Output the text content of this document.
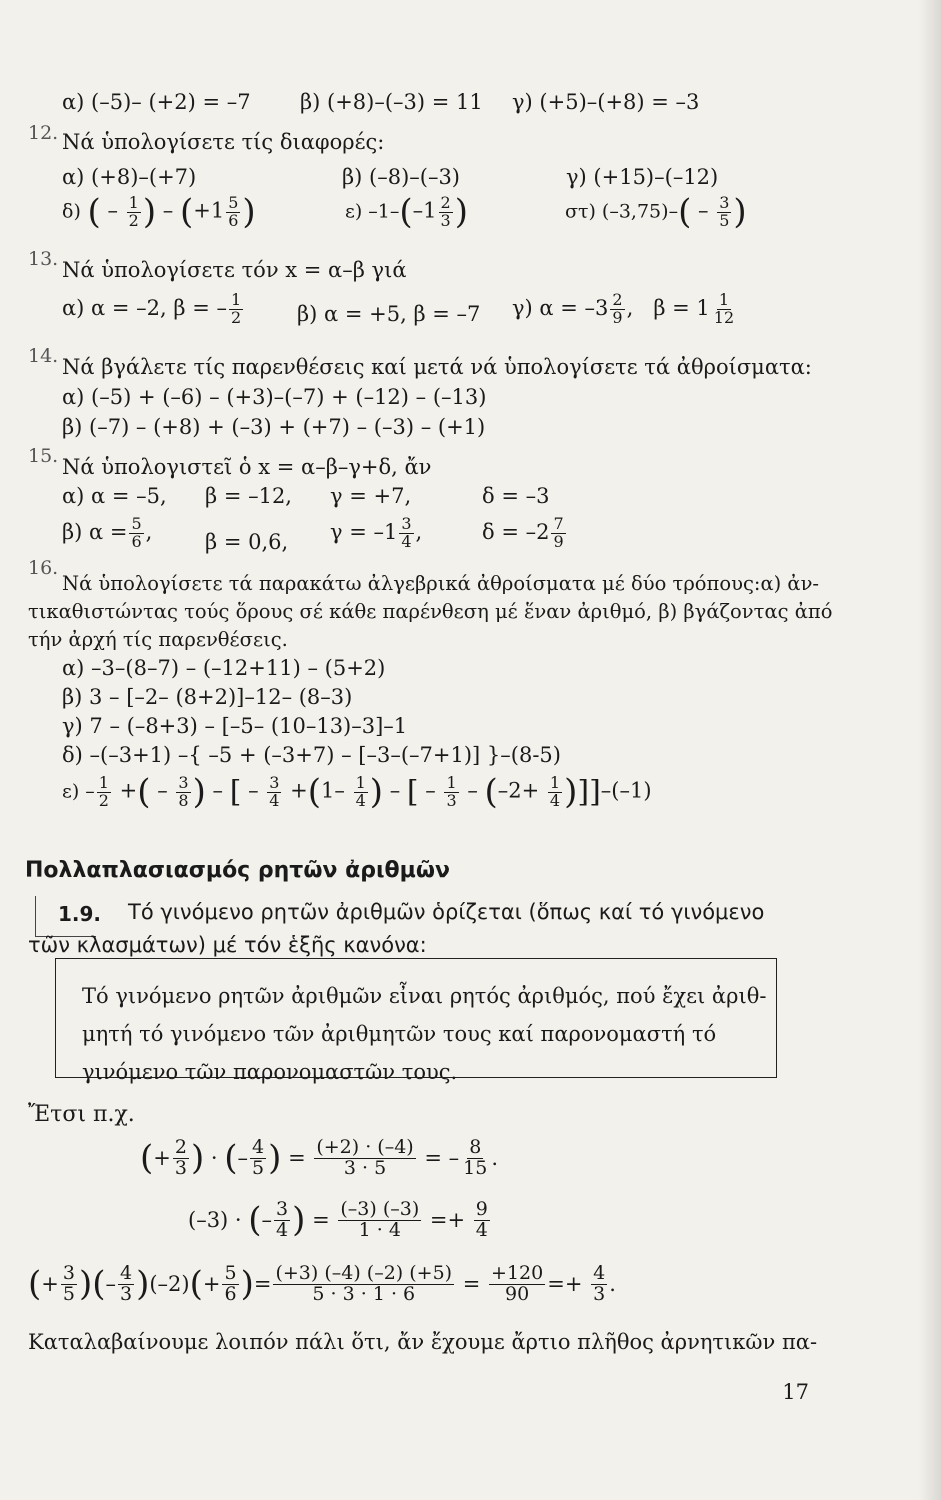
α) (–5)– (+2) = –7 β) (+8)–(–3) = 11 γ) (+5)–(+8) = –3
12. Νά ὑπολογίσετε τίς διαφορές:
α) (+8)–(+7)	β) (–8)–(–3)	γ) (+15)–(–12)
δ) ( – $\frac{1}{2}$ ) – ($+1 \frac{5}{6}$ )	ε) $-1-(-1 \frac{2}{3}$ )	στ) $(-3,75)-( - \frac{3}{5}$ )
13. Νά ὑπολογίσετε τόν x = α–β γιά
α) α = –2, β = – $\frac{1}{2}$	β) α = +5, β = –7 γ) $\alpha = -3 \frac{2}{9}$ ,   $\beta = 1 \frac{1}{12}$
14. Νά βγάλετε τίς παρενθέσεις καί μετά νά ὑπολογίσετε τά ἀθροίσματα:
α) (–5) + (–6) – (+3)–(–7) + (–12) – (–13)
β) (–7) – (+8) + (–3) + (+7) – (–3) – (+1)
15. Νά ὑπολογιστεῖ ὁ x = α–β–γ+δ, ἄν
α) α = –5, β = –12, γ = +7,	δ = –3
β) $\alpha = \frac{5}{6}$ ,	β = 0,6, $\gamma = -1 \frac{3}{4}$ ,	$\delta = -2 \frac{7}{9}$
16.
Νά ὑπολογίσετε τά παρακάτω ἀλγεβρικά ἀθροίσματα μέ δύο τρόπους:α) ἀν-
τικαθιστώντας τούς ὅρους σέ κάθε παρένθεση μέ ἕναν ἀριθμό, β) βγάζοντας ἀπό
τήν ἀρχή τίς παρενθέσεις.
α) –3–(8–7) – (–12+11) – (5+2)
β) 3 – [–2– (8+2)]–12– (8–3)
γ) 7 – (–8+3) – [–5– (10–13)–3]–1
δ) –(–3+1) –{ –5 + (–3+7) – [–3–(–7+1)] }–(8-5)
$\varepsilon) - \frac{1}{2}$ +( – $\frac{3}{8}$ ) – [ – $\frac{3}{4} +(1- \frac{1}{4}$ ) – [ – $\frac{1}{3} - (-2+ \frac{1}{4} )]]-(-1)$
Πολλαπλασιασμός ρητῶν ἀριθμῶν
1.9. Τό γινόμενο ρητῶν ἀριθμῶν ὁρίζεται (ὅπως καί τό γινόμενο
τῶν κλασμάτων) μέ τόν ἑξῆς κανόνα:
Τό γινόμενο ρητῶν ἀριθμῶν εἶναι ρητός ἀριθμός, πού ἔχει ἀριθ-
μητή τό γινόμενο τῶν ἀριθμητῶν τους καί παρονομαστή τό
γινόμενο τῶν παρονομαστῶν τους.
Ἔτσι π.χ.
( + $\frac{2}{3}$ ) · ( – $\frac{4}{5}$ ) = $\frac{(+2) \cdot (-4)}{3 \cdot 5}$ = – $\frac{8}{15}$ .
(–3) · ( – $\frac{3}{4}$ ) = $\frac{(-3) (-3)}{1 \cdot 4} =+ \frac{9}{4}$
( + $\frac{3}{5}$ )( – $\frac{4}{3}$ ) (–2) ( + $\frac{5}{6}$ ) = $\frac{(+3) (-4) (-2) (+5)}{5 \cdot 3 \cdot 1 \cdot 6} = \frac{+120}{90} =+ \frac{4}{3}$ .
Καταλαβαίνουμε λοιπόν πάλι ὅτι, ἄν ἔχουμε ἄρτιο πλῆθος ἀρνητικῶν πα-
17
